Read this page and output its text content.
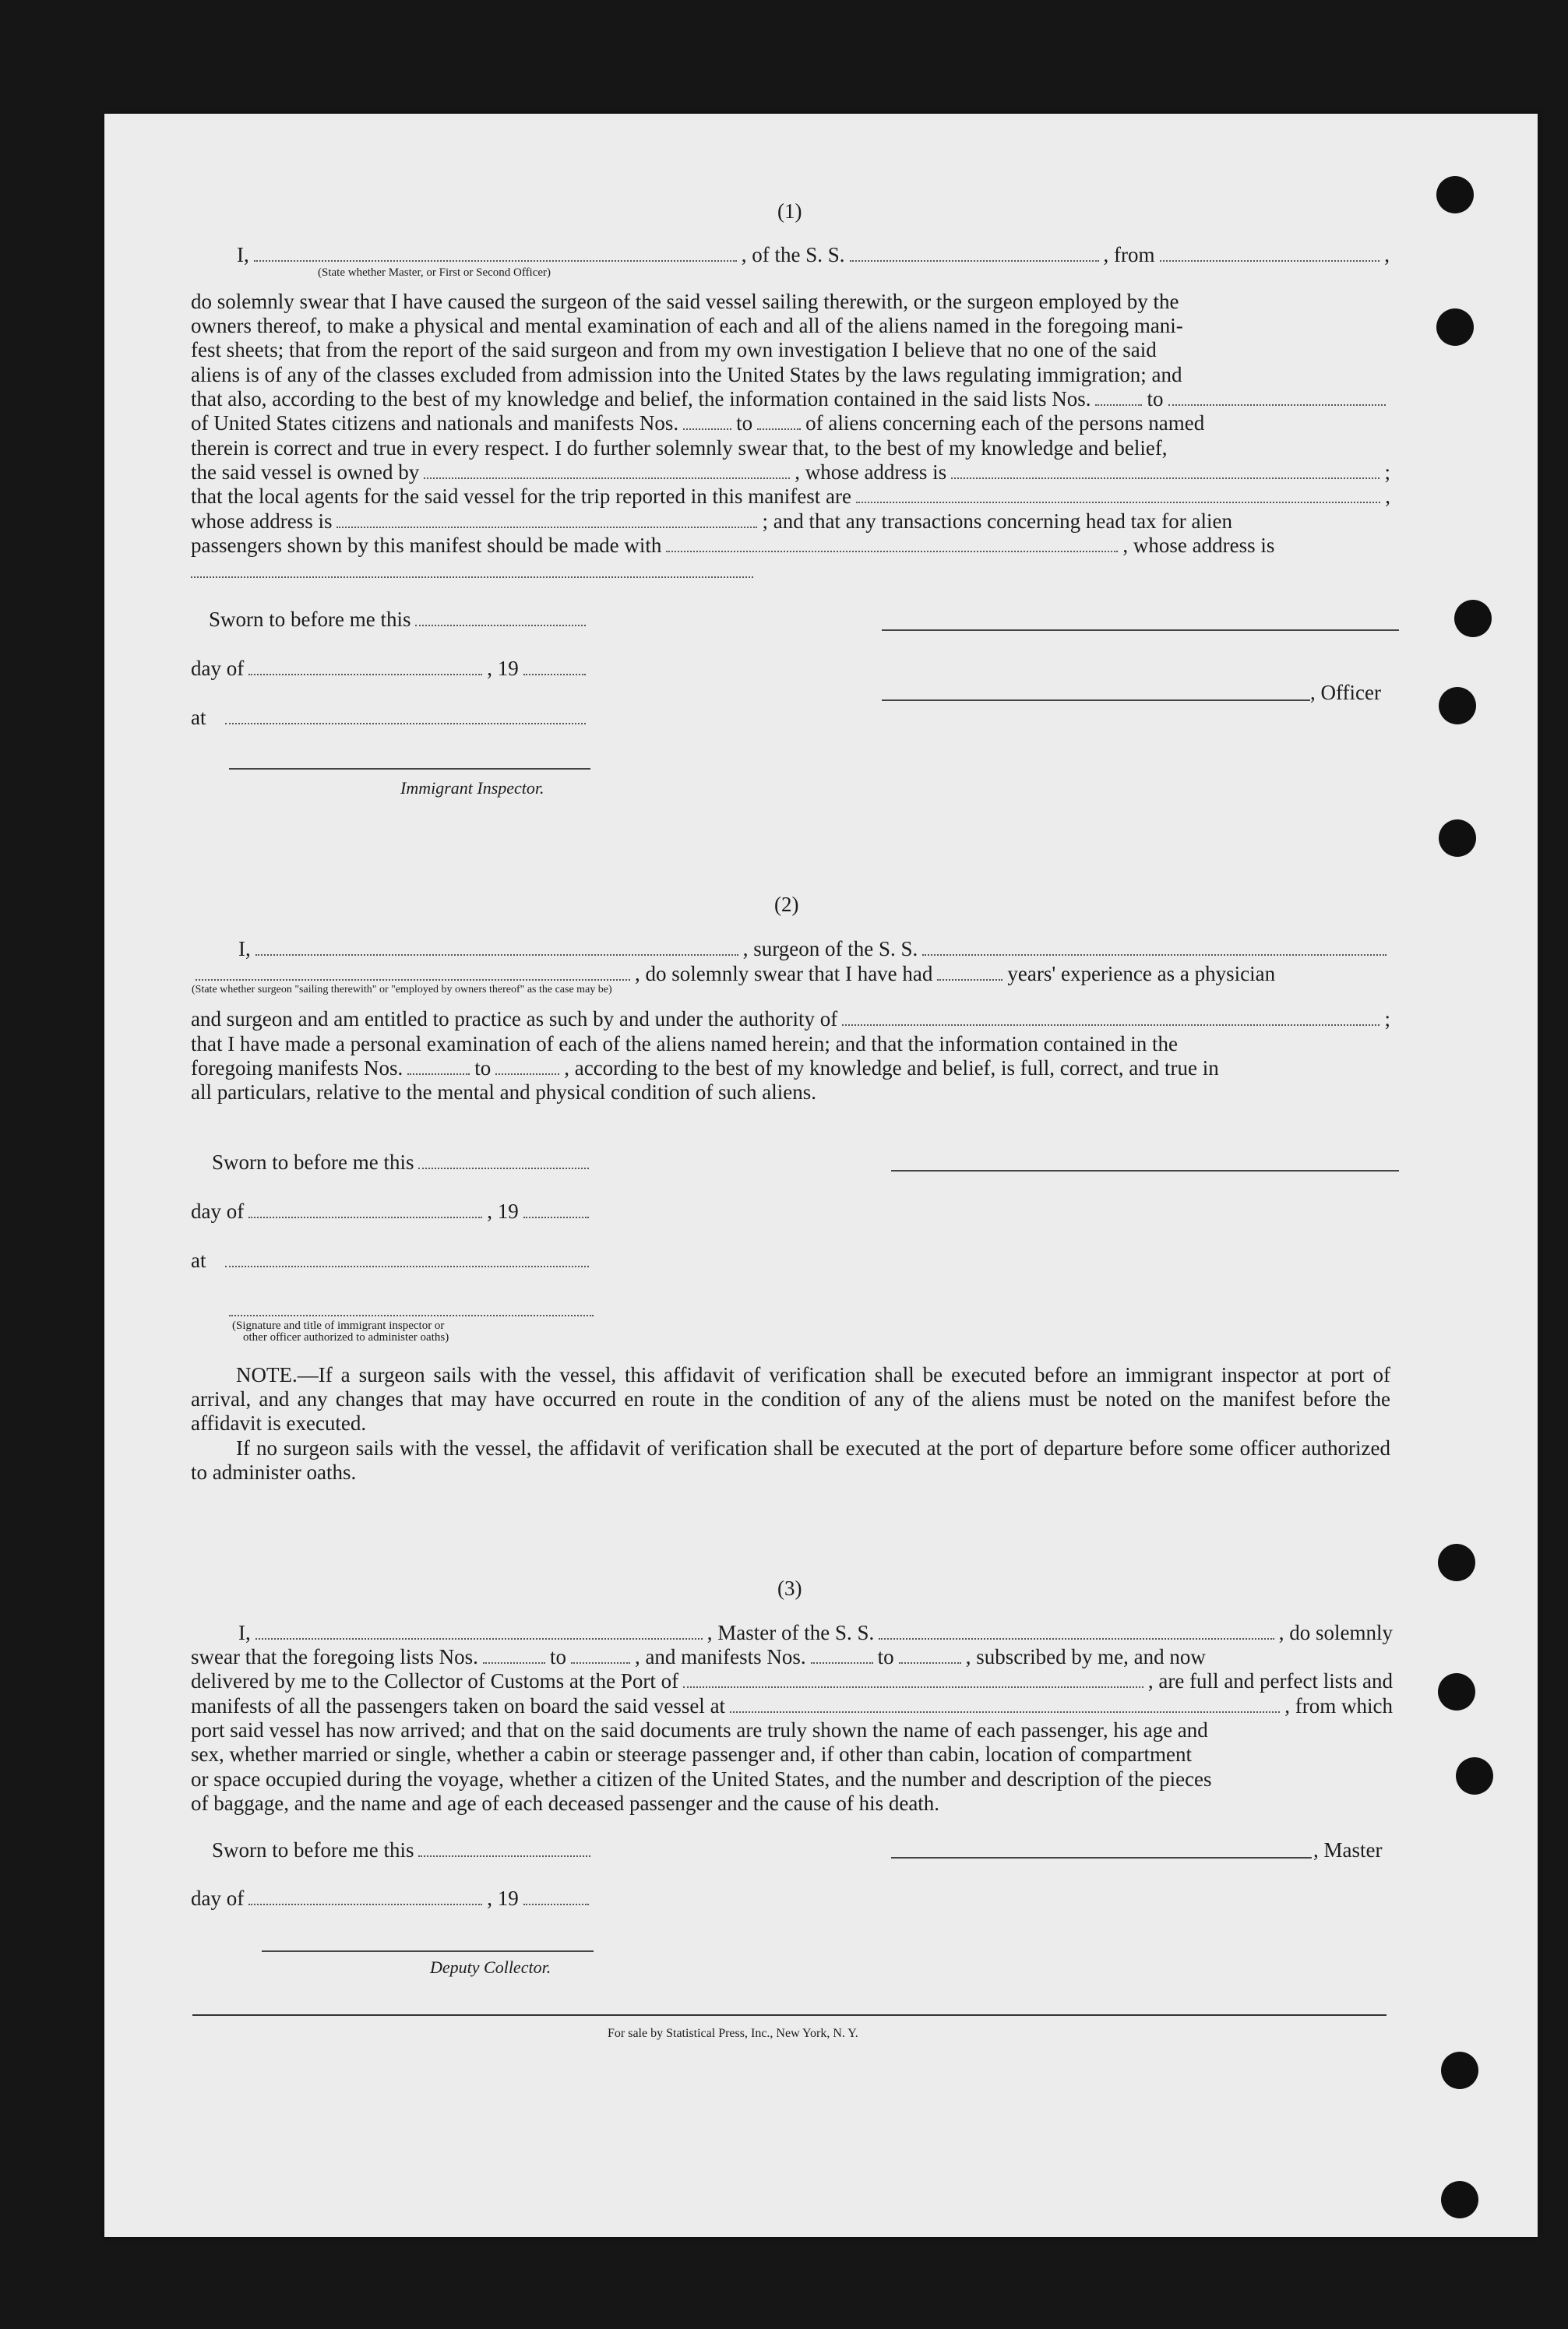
(1)
I,	, of the S. S.	, from	,
(State whether Master, or First or Second Officer)
do solemnly swear that I have caused the surgeon of the said vessel sailing therewith, or the surgeon employed by the
owners thereof, to make a physical and mental examination of each and all of the aliens named in the foregoing mani-
fest sheets; that from the report of the said surgeon and from my own investigation I believe that no one of the said
aliens is of any of the classes excluded from admission into the United States by the laws regulating immigration; and
that also, according to the best of my knowledge and belief, the information contained in the said lists Nos.	to
of United States citizens and nationals and manifests Nos.	to	of aliens concerning each of the persons named
therein is correct and true in every respect. I do further solemnly swear that, to the best of my knowledge and belief,
the said vessel is owned by	, whose address is	;
that the local agents for the said vessel for the trip reported in this manifest are	,
whose address is	; and that any transactions concerning head tax for alien
passengers shown by this manifest should be made with	, whose address is
Sworn to before me this
day of	, 19
, Officer
at
Immigrant Inspector.
(2)
I,	, surgeon of the S. S.
, do solemnly swear that I have had	years' experience as a physician
(State whether surgeon "sailing therewith" or "employed by owners thereof" as the case may be)
and surgeon and am entitled to practice as such by and under the authority of	;
that I have made a personal examination of each of the aliens named herein; and that the information contained in the
foregoing manifests Nos.	to	, according to the best of my knowledge and belief, is full, correct, and true in
all particulars, relative to the mental and physical condition of such aliens.
Sworn to before me this
day of	, 19
at
(Signature and title of immigrant inspector or
other officer authorized to administer oaths)
NOTE.—If a surgeon sails with the vessel, this affidavit of verification shall be executed before an immigrant inspector at port of arrival, and any changes that may have occurred en route in the condition of any of the aliens must be noted on the manifest before the affidavit is executed.
If no surgeon sails with the vessel, the affidavit of verification shall be executed at the port of departure before some officer authorized to administer oaths.
(3)
I,	, Master of the S. S.	, do solemnly
swear that the foregoing lists Nos.	to	, and manifests Nos.	to	, subscribed by me, and now
delivered by me to the Collector of Customs at the Port of	, are full and perfect lists and
manifests of all the passengers taken on board the said vessel at	, from which
port said vessel has now arrived; and that on the said documents are truly shown the name of each passenger, his age and
sex, whether married or single, whether a cabin or steerage passenger and, if other than cabin, location of compartment
or space occupied during the voyage, whether a citizen of the United States, and the number and description of the pieces
of baggage, and the name and age of each deceased passenger and the cause of his death.
Sworn to before me this	, Master
day of	, 19
Deputy Collector.
For sale by Statistical Press, Inc., New York, N. Y.
